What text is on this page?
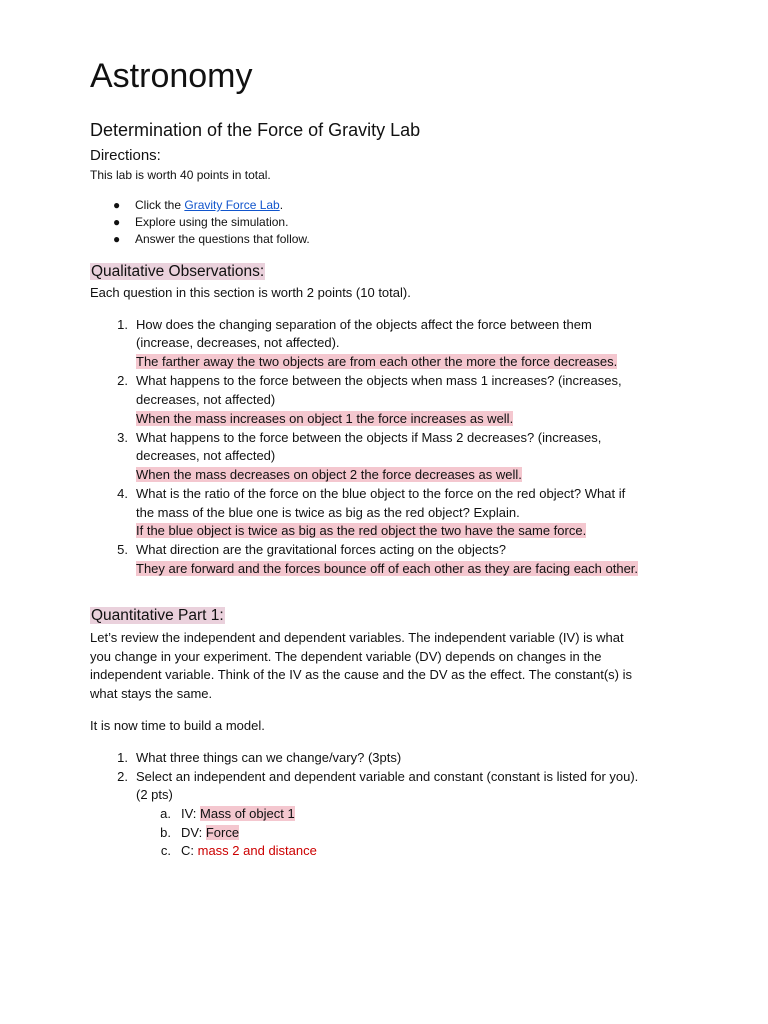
Astronomy
Determination of the Force of Gravity Lab
Directions:
This lab is worth 40 points in total.
● Click the Gravity Force Lab.
● Explore using the simulation.
● Answer the questions that follow.
Qualitative Observations:
Each question in this section is worth 2 points (10 total).
1. How does the changing separation of the objects affect the force between them
(increase, decreases, not affected).
The farther away the two objects are from each other the more the force decreases.
2. What happens to the force between the objects when mass 1 increases? (increases,
decreases, not affected)
When the mass increases on object 1 the force increases as well.
3. What happens to the force between the objects if Mass 2 decreases? (increases,
decreases, not affected)
When the mass decreases on object 2 the force decreases as well.
4. What is the ratio of the force on the blue object to the force on the red object? What if
the mass of the blue one is twice as big as the red object? Explain.
If the blue object is twice as big as the red object the two have the same force.
5. What direction are the gravitational forces acting on the objects?
They are forward and the forces bounce off of each other as they are facing each other.
Quantitative Part 1:
Let’s review the independent and dependent variables. The independent variable (IV) is what
you change in your experiment. The dependent variable (DV) depends on changes in the
independent variable. Think of the IV as the cause and the DV as the effect. The constant(s) is
what stays the same.
It is now time to build a model.
1. What three things can we change/vary? (3pts)
2. Select an independent and dependent variable and constant (constant is listed for you).
(2 pts)
a. IV: Mass of object 1
b. DV: Force
c. C: mass 2 and distance
